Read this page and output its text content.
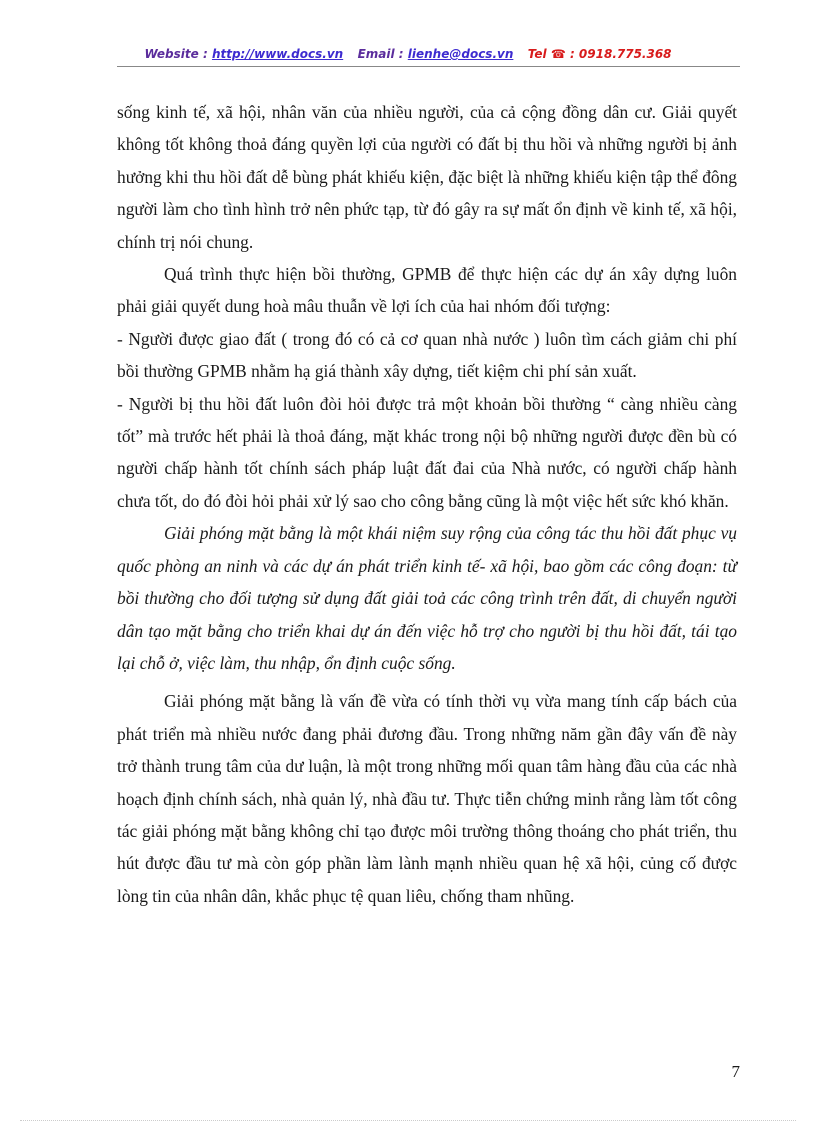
Website : http://www.docs.vn Email : lienhe@docs.vn Tel ☎ : 0918.775.368

sống kinh tế, xã hội, nhân văn của nhiều người, của cả cộng đồng dân cư. Giải quyết không tốt không thoả đáng quyền lợi của người có đất bị thu hồi và những người bị ảnh hưởng khi thu hồi đất dễ bùng phát khiếu kiện, đặc biệt là những khiếu kiện tập thể đông người làm cho tình hình trở nên phức tạp, từ đó gây ra sự mất ổn định về kinh tế, xã hội, chính trị nói chung.

Quá trình thực hiện bồi thường, GPMB để thực hiện các dự án xây dựng luôn phải giải quyết dung hoà mâu thuẫn về lợi ích của hai nhóm đối tượng:

- Người được giao đất ( trong đó có cả cơ quan nhà nước ) luôn tìm cách giảm chi phí bồi thường GPMB nhằm hạ giá thành xây dựng, tiết kiệm chi phí sản xuất.

- Người bị thu hồi đất luôn đòi hỏi được trả một khoản bồi thường “ càng nhiều càng tốt” mà trước hết phải là thoả đáng, mặt khác trong nội bộ những người được đền bù có người chấp hành tốt chính sách pháp luật đất đai của Nhà nước, có người chấp hành chưa tốt, do đó đòi hỏi phải xử lý sao cho công bằng cũng là một việc hết sức khó khăn.

Giải phóng mặt bằng là một khái niệm suy rộng của công tác thu hồi đất phục vụ quốc phòng an ninh và các dự án phát triển kinh tế- xã hội, bao gồm các công đoạn: từ bồi thường cho đối tượng sử dụng đất giải toả các công trình trên đất, di chuyển người dân tạo mặt bằng cho triển khai dự án đến việc hỗ trợ cho người bị thu hồi đất, tái tạo lại chỗ ở, việc làm, thu nhập, ổn định cuộc sống.

Giải phóng mặt bằng là vấn đề vừa có tính thời vụ vừa mang tính cấp bách của phát triển mà nhiều nước đang phải đương đầu. Trong những năm gần đây vấn đề này trở thành trung tâm của dư luận, là một trong những mối quan tâm hàng đầu của các nhà hoạch định chính sách, nhà quản lý, nhà đầu tư. Thực tiễn chứng minh rằng làm tốt công tác giải phóng mặt bằng không chỉ tạo được môi trường thông thoáng cho phát triển, thu hút được đầu tư mà còn góp phần làm lành mạnh nhiều quan hệ xã hội, củng cố được lòng tin của nhân dân, khắc phục tệ quan liêu, chống tham nhũng.

7
